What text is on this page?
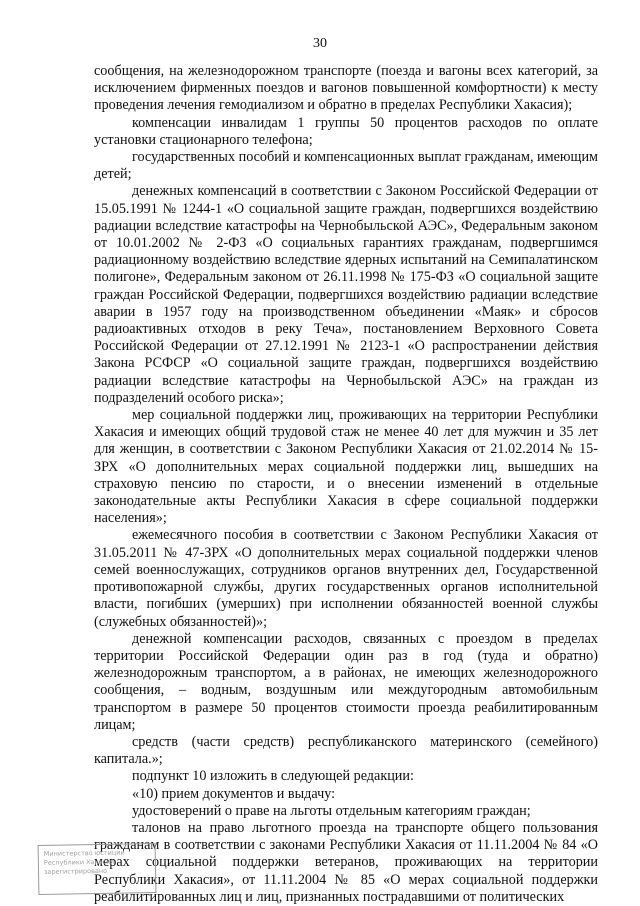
30

сообщения, на железнодорожном транспорте (поезда и вагоны всех категорий, за исключением фирменных поездов и вагонов повышенной комфортности) к месту проведения лечения гемодиализом и обратно в пределах Республики Хакасия);

компенсации инвалидам 1 группы 50 процентов расходов по оплате установки стационарного телефона;

государственных пособий и компенсационных выплат гражданам, имеющим детей;

денежных компенсаций в соответствии с Законом Российской Федерации от 15.05.1991 № 1244-1 «О социальной защите граждан, подвергшихся воздействию радиации вследствие катастрофы на Чернобыльской АЭС», Федеральным законом от 10.01.2002 № 2-ФЗ «О социальных гарантиях гражданам, подвергшимся радиационному воздействию вследствие ядерных испытаний на Семипалатинском полигоне», Федеральным законом от 26.11.1998 № 175-ФЗ «О социальной защите граждан Российской Федерации, подвергшихся воздействию радиации вследствие аварии в 1957 году на производственном объединении «Маяк» и сбросов радиоактивных отходов в реку Теча», постановлением Верховного Совета Российской Федерации от 27.12.1991 № 2123-1 «О распространении действия Закона РСФСР «О социальной защите граждан, подвергшихся воздействию радиации вследствие катастрофы на Чернобыльской АЭС» на граждан из подразделений особого риска»;

мер социальной поддержки лиц, проживающих на территории Республики Хакасия и имеющих общий трудовой стаж не менее 40 лет для мужчин и 35 лет для женщин, в соответствии с Законом Республики Хакасия от 21.02.2014 № 15-ЗРХ «О дополнительных мерах социальной поддержки лиц, вышедших на страховую пенсию по старости, и о внесении изменений в отдельные законодательные акты Республики Хакасия в сфере социальной поддержки населения»;

ежемесячного пособия в соответствии с Законом Республики Хакасия от 31.05.2011 № 47-ЗРХ «О дополнительных мерах социальной поддержки членов семей военнослужащих, сотрудников органов внутренних дел, Государственной противопожарной службы, других государственных органов исполнительной власти, погибших (умерших) при исполнении обязанностей военной службы (служебных обязанностей)»;

денежной компенсации расходов, связанных с проездом в пределах территории Российской Федерации один раз в год (туда и обратно) железнодорожным транспортом, а в районах, не имеющих железнодорожного сообщения, – водным, воздушным или междугородным автомобильным транспортом в размере 50 процентов стоимости проезда реабилитированным лицам;

средств (части средств) республиканского материнского (семейного) капитала.»;

подпункт 10 изложить в следующей редакции:

«10) прием документов и выдачу:

удостоверений о праве на льготы отдельным категориям граждан;

талонов на право льготного проезда на транспорте общего пользования гражданам в соответствии с законами Республики Хакасия от 11.11.2004 № 84 «О мерах социальной поддержки ветеранов, проживающих на территории Республики Хакасия», от 11.11.2004 № 85 «О мерах социальной поддержки реабилитированных лиц и лиц, признанных пострадавшими от политических

Министерство юстиции
Республики Хакасия
зарегистрировано
